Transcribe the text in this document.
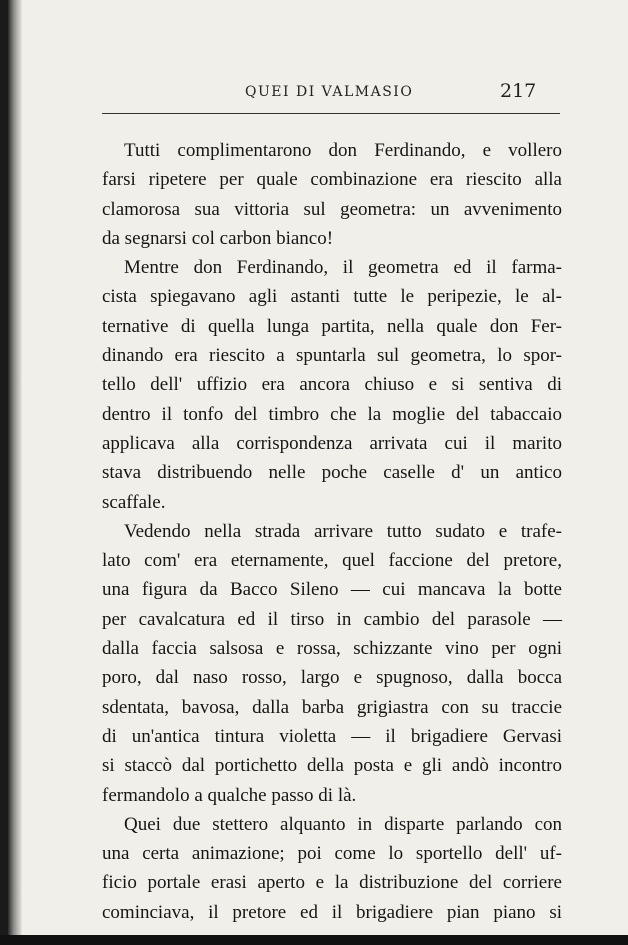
QUEI DI VALMASIO	217
Tutti complimentarono don Ferdinando, e vollero
farsi ripetere per quale combinazione era riescito alla
clamorosa sua vittoria sul geometra: un avvenimento
da segnarsi col carbon bianco!
Mentre don Ferdinando, il geometra ed il farma-
cista spiegavano agli astanti tutte le peripezie, le al-
ternative di quella lunga partita, nella quale don Fer-
dinando era riescito a spuntarla sul geometra, lo spor-
tello dell' uffizio era ancora chiuso e si sentiva di
dentro il tonfo del timbro che la moglie del tabaccaio
applicava alla corrispondenza arrivata cui il marito
stava distribuendo nelle poche caselle d' un antico
scaffale.
Vedendo nella strada arrivare tutto sudato e trafe-
lato com' era eternamente, quel faccione del pretore,
una figura da Bacco Sileno — cui mancava la botte
per cavalcatura ed il tirso in cambio del parasole —
dalla faccia salsosa e rossa, schizzante vino per ogni
poro, dal naso rosso, largo e spugnoso, dalla bocca
sdentata, bavosa, dalla barba grigiastra con su traccie
di un'antica tintura violetta — il brigadiere Gervasi
si staccò dal portichetto della posta e gli andò incontro
fermandolo a qualche passo di là.
Quei due stettero alquanto in disparte parlando con
una certa animazione; poi come lo sportello dell' uf-
ficio portale erasi aperto e la distribuzione del corriere
cominciava, il pretore ed il brigadiere pian piano si
